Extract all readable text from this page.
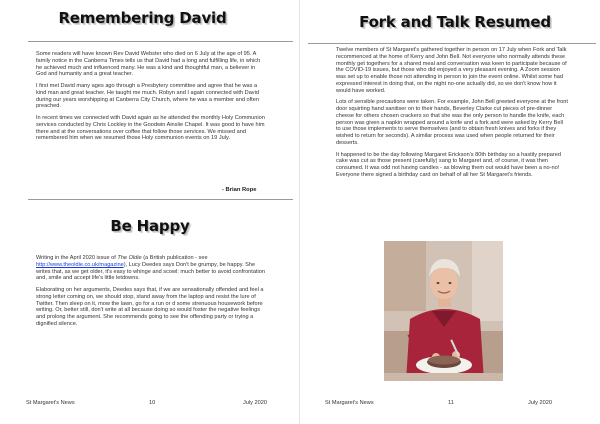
Remembering David

Some readers will have known Rev David Webster who died on 6 July at the age of 95. A family notice in the Canberra Times tells us that David had a long and fulfilling life, in which he achieved much and influenced many. He was a kind and thoughtful man, a believer in God and humanity and a great teacher.

I first met David many ages ago through a Presbytery committee and agree that he was a kind man and great teacher. He taught me much. Robyn and I again connected with David during our years worshipping at Canberra City Church, where he was a member and often preached.

In recent times we connected with David again as he attended the monthly Holy Communion services conducted by Chris Lockley in the Goodwin Ainslie Chapel. It was good to have him there and at the conversations over coffee that follow those services. We missed and remembered him when we resumed those Holy communion events on 19 July.

- Brian Rope
Be Happy

Writing in the April 2020 issue of The Oldie (a British publication - see http://www.theoldie.co.uk/magazine), Lucy Deedes says Don't be grumpy, be happy. She writes that, as we get older, it's easy to whinge and scowl: much better to avoid confrontation and, smile and accept life's little letdowns.

Elaborating on her arguments, Deedes says that, if we are sensationally offended and feel a strong letter coming on, we should stop, stand away from the laptop and resist the lure of Twitter. Then sleep on it, mow the lawn, go for a run or d some strenuous housework before writing. Or, better still, don't write at all because doing so would foster the negative feelings and prolong the argument. She recommends going to see the offending party or trying a dignified silence.

St Margaret's News	10	July 2020
Fork and Talk Resumed

Twelve members of St Margaret's gathered together in person on 17 July when Fork and Talk recommenced at the home of Kerry and John Bell. Not everyone who normally attends these monthly get togethers for a shared meal and conversation was keen to participate because of the COVID-19 issues, but those who did enjoyed a very pleasant evening. A Zoom session was set up to enable those not attending in person to join the event online. Whilst some had expressed interest in doing that, on the night no-one actually did, so we don't know how it would have worked.

Lots of sensible precautions were taken. For example, John Bell greeted everyone at the front door squirting hand sanitiser on to their hands, Beverley Clarke cut pieces of pre-dinner cheese for others chosen crackers so that she was the only person to handle the knife, each person was given a napkin wrapped around a knife and a fork and were asked by Kerry Bell to use those implements to serve themselves (and to obtain fresh knives and forks if they wished to return for seconds). A similar process was used when people returned for their desserts.

It happened to be the day following Margaret Erickson's 80th birthday so a hastily prepared cake was cut as those present (carefully) sang to Margaret and, of course, it was then consumed. It was odd not having candles - as blowing them out would have been a no-no! Everyone there signed a birthday card on behalf of all her St Margaret's friends.

St Margaret's News	11	July 2020
